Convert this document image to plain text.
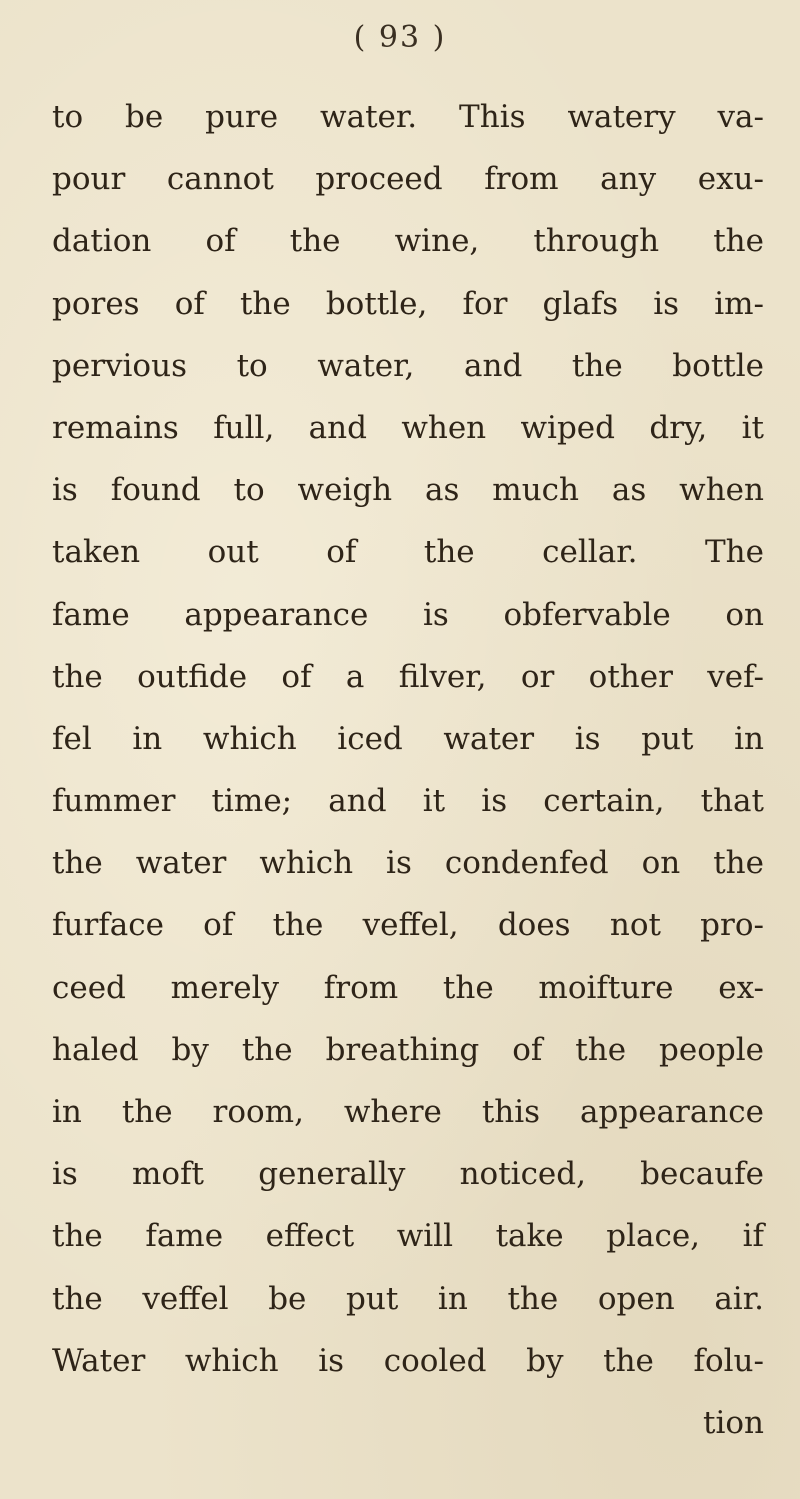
( 93 )
to be pure water. This watery va-
pour cannot proceed from any exu-
dation of the wine, through the
pores of the bottle, for glafs is im-
pervious to water, and the bottle
remains full, and when wiped dry, it
is found to weigh as much as when
taken out of the cellar. The
fame appearance is obfervable on
the outfide of a filver, or other vef-
fel in which iced water is put in
fummer time; and it is certain, that
the water which is condenfed on the
furface of the veffel, does not pro-
ceed merely from the moifture ex-
haled by the breathing of the people
in the room, where this appearance
is moft generally noticed, becaufe
the fame effect will take place, if
the veffel be put in the open air.
Water which is cooled by the folu-
tion
